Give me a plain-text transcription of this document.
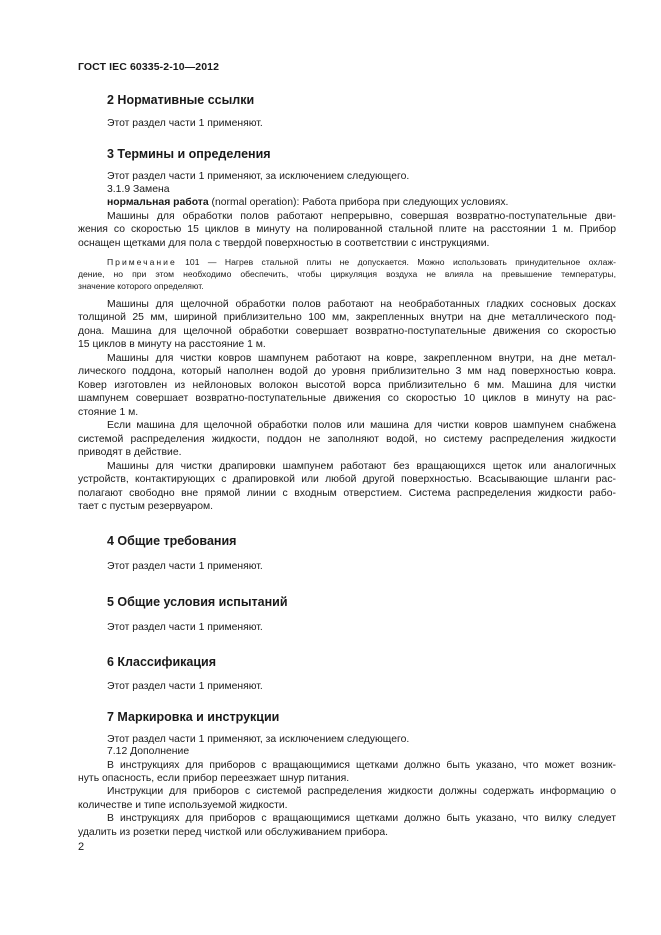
ГОСТ IEC 60335-2-10—2012
2 Нормативные ссылки
Этот раздел части 1 применяют.
3 Термины и определения
Этот раздел части 1 применяют, за исключением следующего.
3.1.9 Замена
нормальная работа (normal operation): Работа прибора при следующих условиях.
Машины для обработки полов работают непрерывно, совершая возвратно-поступательные дви-
жения со скоростью 15 циклов в минуту на полированной стальной плите на расстоянии 1 м. Прибор
оснащен щетками для пола с твердой поверхностью в соответствии с инструкциями.
Примечание 101 — Нагрев стальной плиты не допускается. Можно использовать принудительное охлаж-
дение, но при этом необходимо обеспечить, чтобы циркуляция воздуха не влияла на превышение температуры,
значение которого определяют.
Машины для щелочной обработки полов работают на необработанных гладких сосновых досках
толщиной 25 мм, шириной приблизительно 100 мм, закрепленных внутри на дне металлического под-
дона. Машина для щелочной обработки совершает возвратно-поступательные движения со скоростью
15 циклов в минуту на расстояние 1 м.
Машины для чистки ковров шампунем работают на ковре, закрепленном внутри, на дне метал-
лического поддона, который наполнен водой до уровня приблизительно 3 мм над поверхностью ковра.
Ковер изготовлен из нейлоновых волокон высотой ворса приблизительно 6 мм. Машина для чистки
шампунем совершает возвратно-поступательные движения со скоростью 10 циклов в минуту на рас-
стояние 1 м.
Если машина для щелочной обработки полов или машина для чистки ковров шампунем снабжена
системой распределения жидкости, поддон не заполняют водой, но систему распределения жидкости
приводят в действие.
Машины для чистки драпировки шампунем работают без вращающихся щеток или аналогичных
устройств, контактирующих с драпировкой или любой другой поверхностью. Всасывающие шланги рас-
полагают свободно вне прямой линии с входным отверстием. Система распределения жидкости рабо-
тает с пустым резервуаром.
4 Общие требования
Этот раздел части 1 применяют.
5 Общие условия испытаний
Этот раздел части 1 применяют.
6 Классификация
Этот раздел части 1 применяют.
7 Маркировка и инструкции
Этот раздел части 1 применяют, за исключением следующего.
7.12 Дополнение
В инструкциях для приборов с вращающимися щетками должно быть указано, что может возник-
нуть опасность, если прибор переезжает шнур питания.
Инструкции для приборов с системой распределения жидкости должны содержать информацию о
количестве и типе используемой жидкости.
В инструкциях для приборов с вращающимися щетками должно быть указано, что вилку следует
удалить из розетки перед чисткой или обслуживанием прибора.
2
